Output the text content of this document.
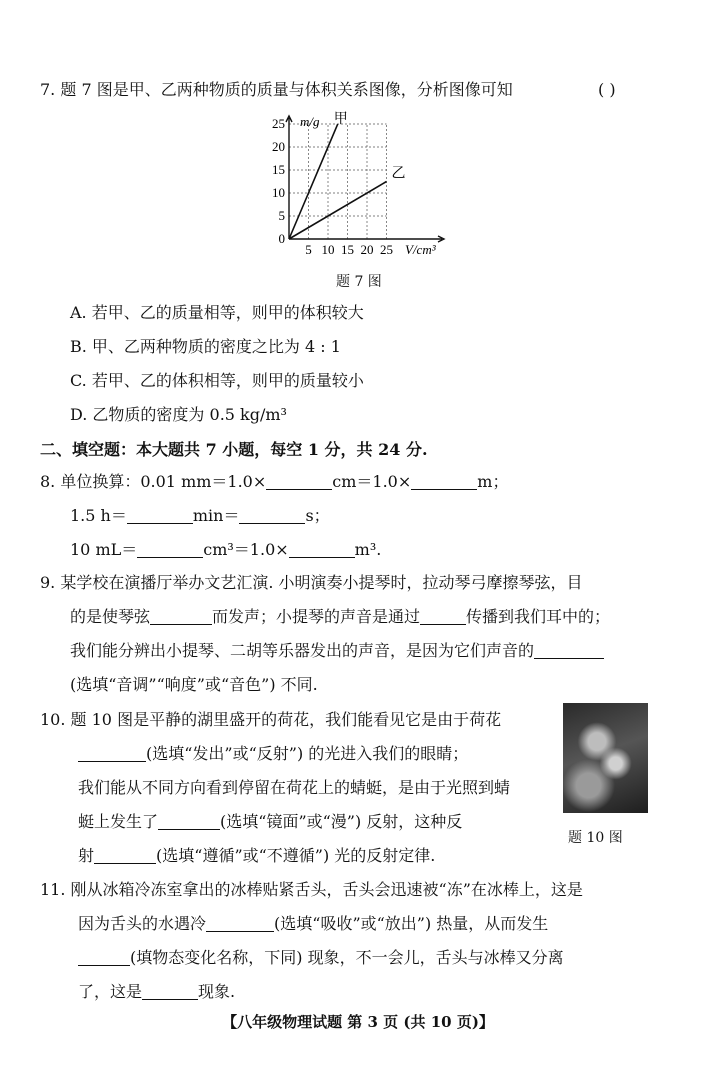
7. 题 7 图是甲、乙两种物质的质量与体积关系图像，分析图像可知	( )
5 10 15 20 25
25
20
15
10
5
0
甲
乙
m/g
V/cm³
题 7 图
A. 若甲、乙的质量相等，则甲的体积较大
B. 甲、乙两种物质的密度之比为 4 : 1
C. 若甲、乙的体积相等，则甲的质量较小
D. 乙物质的密度为 0.5 kg/m³
二、填空题：本大题共 7 小题，每空 1 分，共 24 分.
8. 单位换算：0.01 mm＝1.0×	cm＝1.0×	m；
1.5 h＝	min＝	s；
10 mL＝	cm³＝1.0×	m³.
9. 某学校在演播厅举办文艺汇演. 小明演奏小提琴时，拉动琴弓摩擦琴弦，目
的是使琴弦	而发声；小提琴的声音是通过	传播到我们耳中的；
我们能分辨出小提琴、二胡等乐器发出的声音，是因为它们声音的
(选填“音调”“响度”或“音色”) 不同.
10. 题 10 图是平静的湖里盛开的荷花，我们能看见它是由于荷花
(选填“发出”或“反射”) 的光进入我们的眼睛；
我们能从不同方向看到停留在荷花上的蜻蜓，是由于光照到蜻
蜓上发生了	(选填“镜面”或“漫”) 反射，这种反
射	(选填“遵循”或“不遵循”) 光的反射定律.
题 10 图
11. 刚从冰箱冷冻室拿出的冰棒贴紧舌头，舌头会迅速被“冻”在冰棒上，这是
因为舌头的水遇冷	(选填“吸收”或“放出”) 热量，从而发生
(填物态变化名称，下同) 现象，不一会儿，舌头与冰棒又分离
了，这是	现象.
【八年级物理试题 第 3 页 (共 10 页)】
